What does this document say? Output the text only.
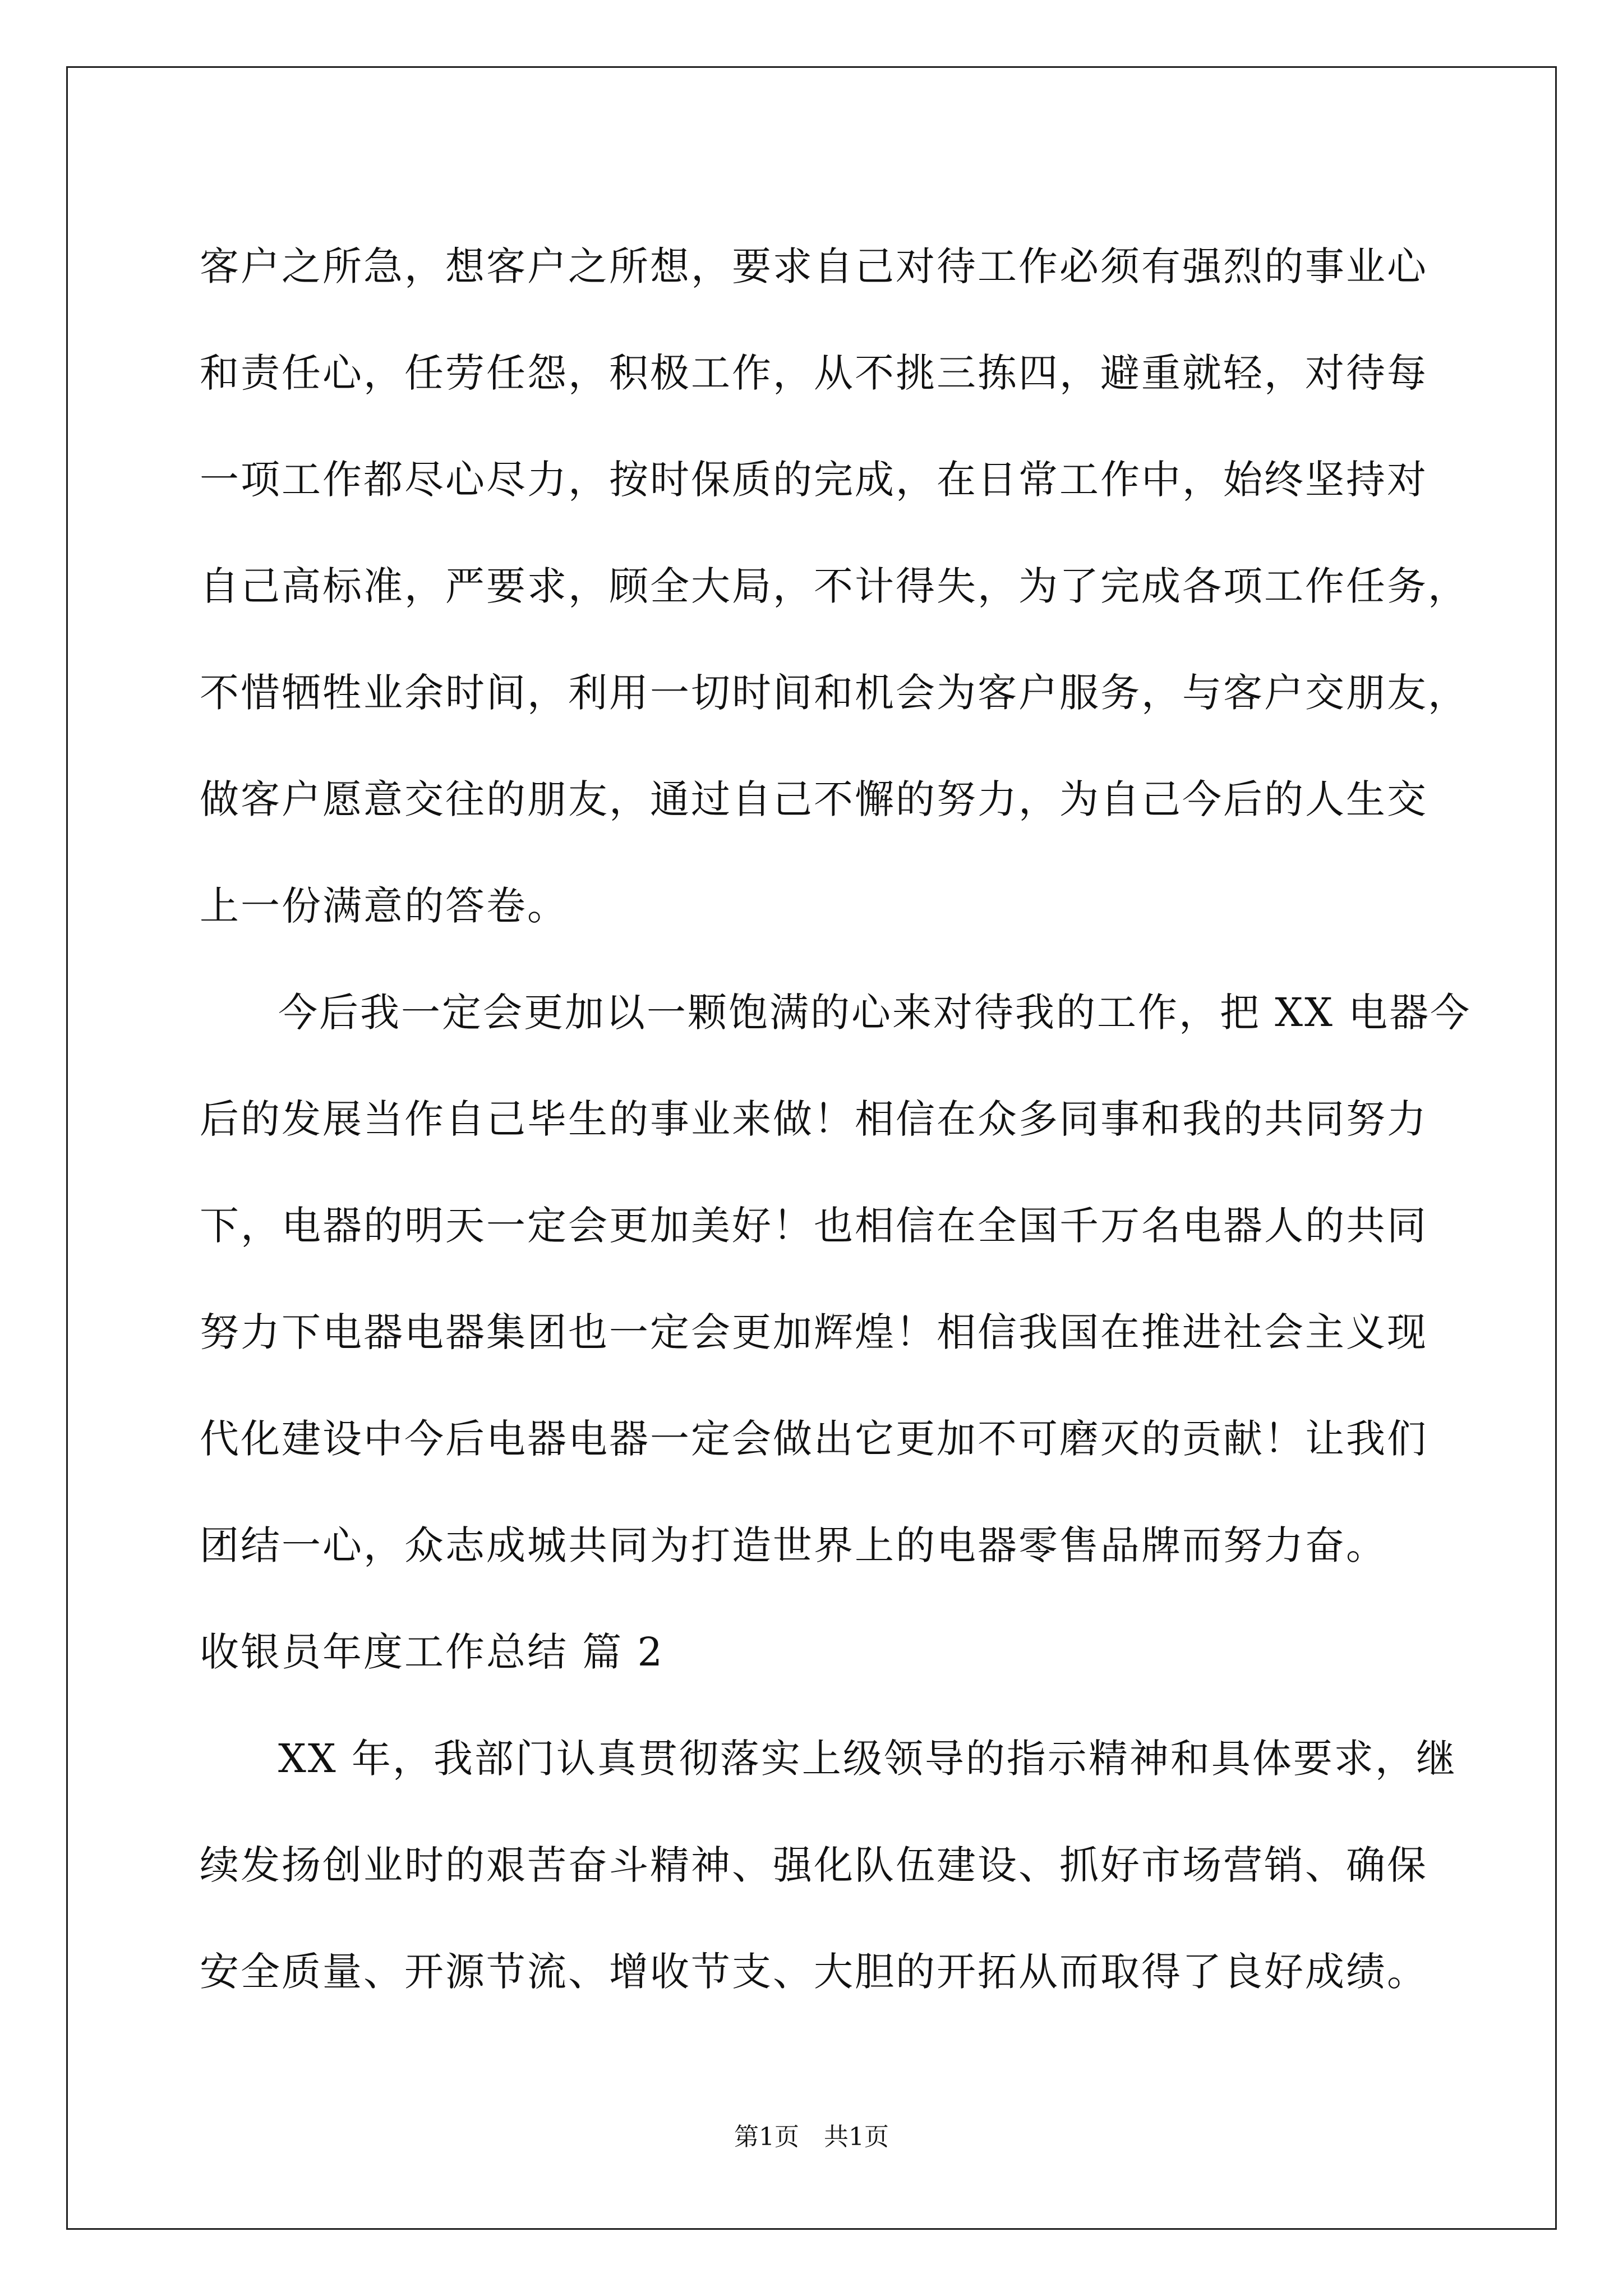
客户之所急，想客户之所想，要求自己对待工作必须有强烈的事业心
和责任心，任劳任怨，积极工作，从不挑三拣四，避重就轻，对待每
一项工作都尽心尽力，按时保质的完成，在日常工作中，始终坚持对
自己高标准，严要求，顾全大局，不计得失，为了完成各项工作任务，
不惜牺牲业余时间，利用一切时间和机会为客户服务，与客户交朋友，
做客户愿意交往的朋友，通过自己不懈的努力，为自己今后的人生交
上一份满意的答卷。
今后我一定会更加以一颗饱满的心来对待我的工作，把 XX 电器今
后的发展当作自己毕生的事业来做！相信在众多同事和我的共同努力
下，电器的明天一定会更加美好！也相信在全国千万名电器人的共同
努力下电器电器集团也一定会更加辉煌！相信我国在推进社会主义现
代化建设中今后电器电器一定会做出它更加不可磨灭的贡献！让我们
团结一心，众志成城共同为打造世界上的电器零售品牌而努力奋。
收银员年度工作总结 篇 2
XX 年，我部门认真贯彻落实上级领导的指示精神和具体要求，继
续发扬创业时的艰苦奋斗精神、强化队伍建设、抓好市场营销、确保
安全质量、开源节流、增收节支、大胆的开拓从而取得了良好成绩。
第1页　共1页
